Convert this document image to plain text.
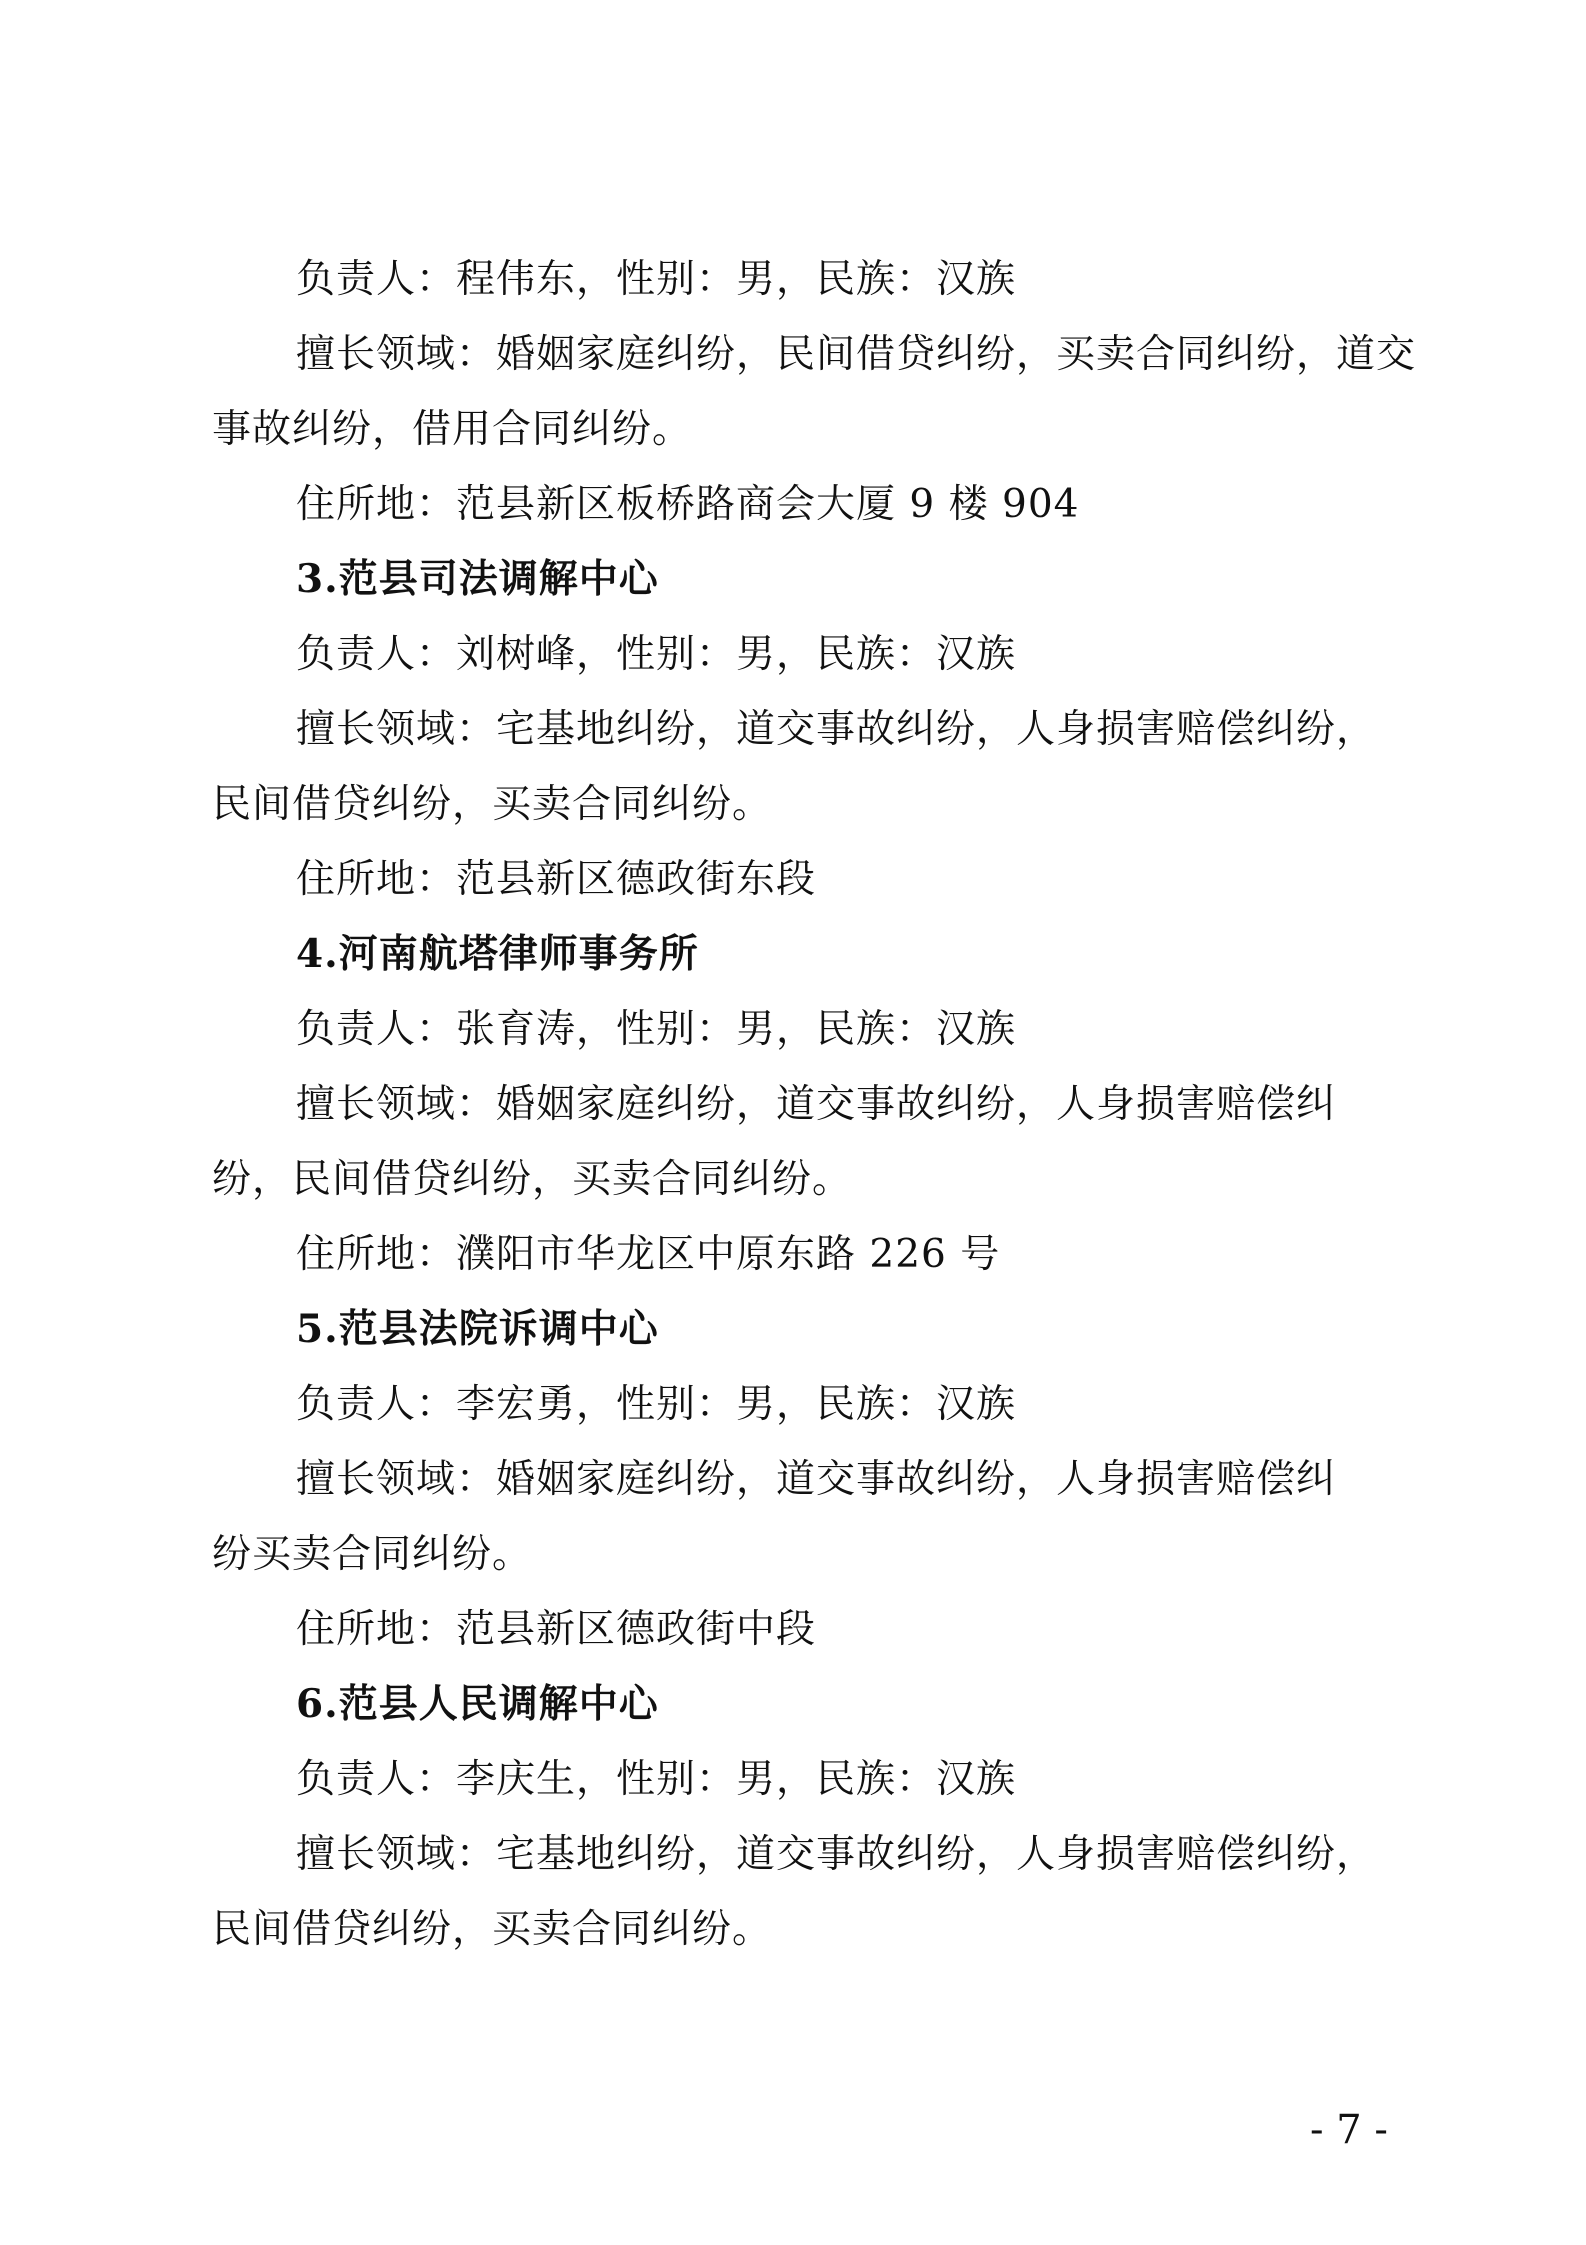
负责人：程伟东，性别：男，民族：汉族
擅长领域：婚姻家庭纠纷，民间借贷纠纷，买卖合同纠纷，道交
事故纠纷，借用合同纠纷。
住所地：范县新区板桥路商会大厦 9 楼 904
3.范县司法调解中心
负责人：刘树峰，性别：男，民族：汉族
擅长领域：宅基地纠纷，道交事故纠纷，人身损害赔偿纠纷，
民间借贷纠纷，买卖合同纠纷。
住所地：范县新区德政街东段
4.河南航塔律师事务所
负责人：张育涛，性别：男，民族：汉族
擅长领域：婚姻家庭纠纷，道交事故纠纷，人身损害赔偿纠
纷，民间借贷纠纷，买卖合同纠纷。
住所地：濮阳市华龙区中原东路 226 号
5.范县法院诉调中心
负责人：李宏勇，性别：男，民族：汉族
擅长领域：婚姻家庭纠纷，道交事故纠纷，人身损害赔偿纠
纷买卖合同纠纷。
住所地：范县新区德政街中段
6.范县人民调解中心
负责人：李庆生，性别：男，民族：汉族
擅长领域：宅基地纠纷，道交事故纠纷，人身损害赔偿纠纷，
民间借贷纠纷，买卖合同纠纷。
- 7 -
